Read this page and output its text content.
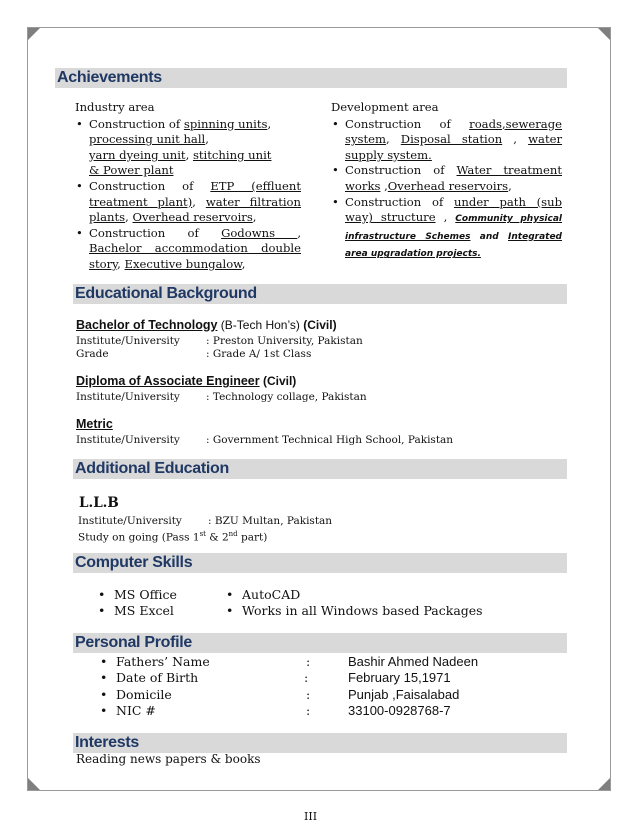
Achievements
Industry area
• Construction of spinning units,
processing unit hall,
yarn dyeing unit, stitching unit
& Power plant
• Construction of ETP (effluent treatment plant), water filtration plants, Overhead reservoirs,
• Construction of Godowns , Bachelor accommodation double story, Executive bungalow,
Development area
• Construction of roads,sewerage system, Disposal station , water supply system.
• Construction of Water treatment works ,Overhead reservoirs,
• Construction of under path (sub way) structure , Community physical infrastructure Schemes and Integrated area upgradation projects.
Educational Background
Bachelor of Technology (B-Tech Hon’s) (Civil)
Institute/University : Preston University, Pakistan
Grade	: Grade A/ 1st Class
Diploma of Associate Engineer (Civil)
Institute/University : Technology collage, Pakistan
Metric
Institute/University : Government Technical High School, Pakistan
Additional Education
L.L.B
Institute/University : BZU Multan, Pakistan
Study on going (Pass 1st & 2nd part)
Computer Skills
• MS Office
• MS Excel
• AutoCAD
• Works in all Windows based Packages
Personal Profile
Fathers’ Name	:	Bashir Ahmed Nadeen
Date of Birth	:	February 15,1971
Domicile	:	Punjab ,Faisalabad
NIC #	:	33100-0928768-7
Interests
Reading news papers & books
III
